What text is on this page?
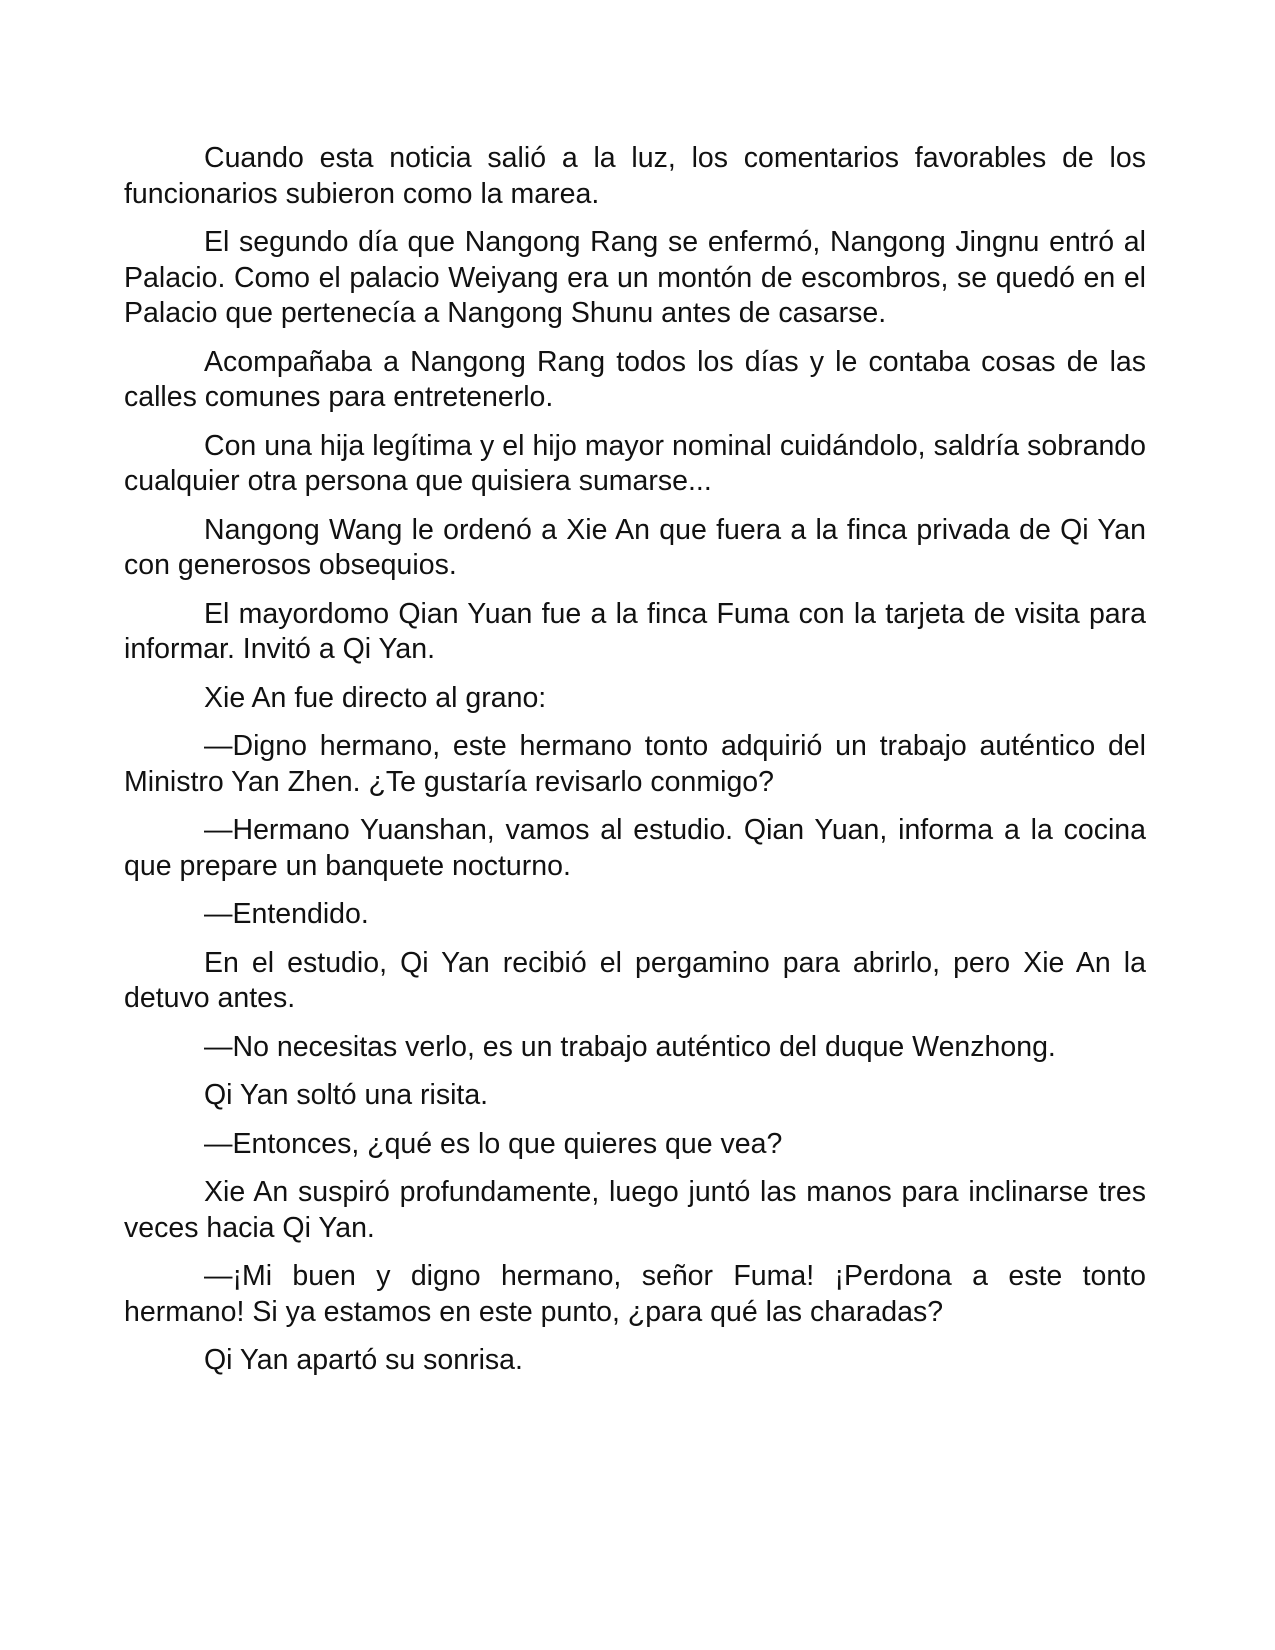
Cuando esta noticia salió a la luz, los comentarios favorables de los funcionarios subieron como la marea.

El segundo día que Nangong Rang se enfermó, Nangong Jingnu entró al Palacio. Como el palacio Weiyang era un montón de escombros, se quedó en el Palacio que pertenecía a Nangong Shunu antes de casarse.

Acompañaba a Nangong Rang todos los días y le contaba cosas de las calles comunes para entretenerlo.

Con una hija legítima y el hijo mayor nominal cuidándolo, saldría sobrando cualquier otra persona que quisiera sumarse...

Nangong Wang le ordenó a Xie An que fuera a la finca privada de Qi Yan con generosos obsequios.

El mayordomo Qian Yuan fue a la finca Fuma con la tarjeta de visita para informar. Invitó a Qi Yan.

Xie An fue directo al grano:

—Digno hermano, este hermano tonto adquirió un trabajo auténtico del Ministro Yan Zhen. ¿Te gustaría revisarlo conmigo?

—Hermano Yuanshan, vamos al estudio. Qian Yuan, informa a la cocina que prepare un banquete nocturno.

—Entendido.

En el estudio, Qi Yan recibió el pergamino para abrirlo, pero Xie An la detuvo antes.

—No necesitas verlo, es un trabajo auténtico del duque Wenzhong.

Qi Yan soltó una risita.

—Entonces, ¿qué es lo que quieres que vea?

Xie An suspiró profundamente, luego juntó las manos para inclinarse tres veces hacia Qi Yan.

—¡Mi buen y digno hermano, señor Fuma! ¡Perdona a este tonto hermano! Si ya estamos en este punto, ¿para qué las charadas?

Qi Yan apartó su sonrisa.
